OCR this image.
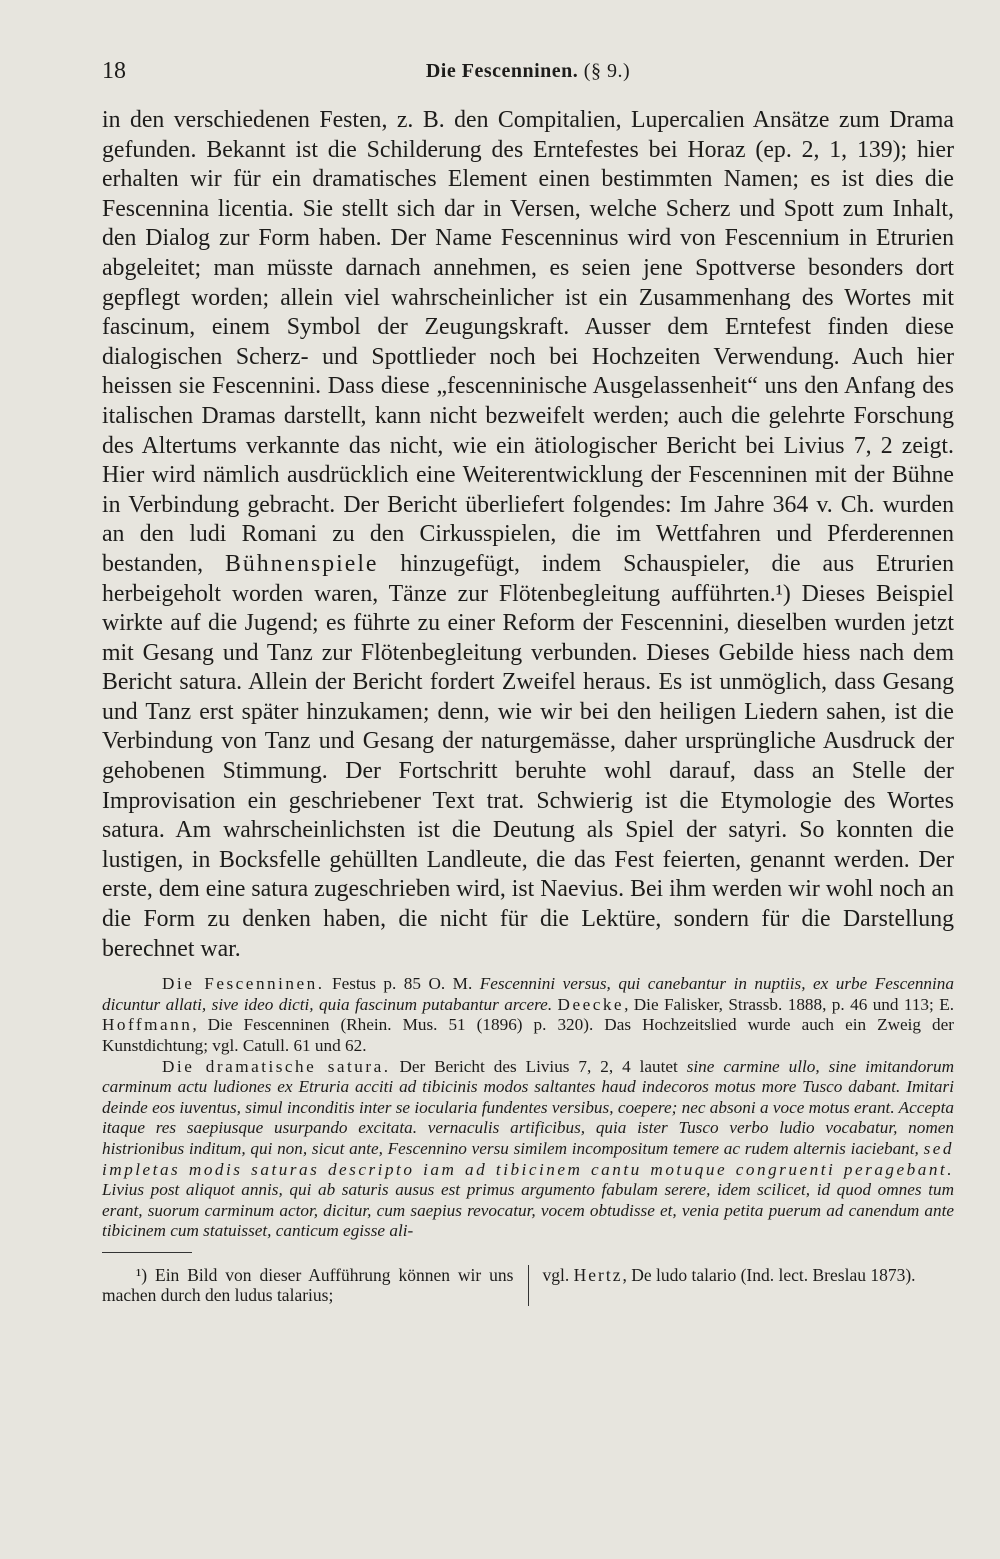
18	Die Fescenninen. (§ 9.)

in den verschiedenen Festen, z. B. den Compitalien, Lupercalien Ansätze zum Drama gefunden. Bekannt ist die Schilderung des Erntefestes bei Horaz (ep. 2, 1, 139); hier erhalten wir für ein dramatisches Element einen bestimmten Namen; es ist dies die Fescennina licentia. Sie stellt sich dar in Versen, welche Scherz und Spott zum Inhalt, den Dialog zur Form haben. Der Name Fescenninus wird von Fescennium in Etrurien abgeleitet; man müsste darnach annehmen, es seien jene Spottverse besonders dort gepflegt worden; allein viel wahrscheinlicher ist ein Zusammenhang des Wortes mit fascinum, einem Symbol der Zeugungskraft. Ausser dem Erntefest finden diese dialogischen Scherz- und Spottlieder noch bei Hochzeiten Verwendung. Auch hier heissen sie Fescennini. Dass diese „fescenninische Ausgelassenheit“ uns den Anfang des italischen Dramas darstellt, kann nicht bezweifelt werden; auch die gelehrte Forschung des Altertums verkannte das nicht, wie ein ätiologischer Bericht bei Livius 7, 2 zeigt. Hier wird nämlich ausdrücklich eine Weiterentwicklung der Fescenninen mit der Bühne in Verbindung gebracht. Der Bericht überliefert folgendes: Im Jahre 364 v. Ch. wurden an den ludi Romani zu den Cirkusspielen, die im Wettfahren und Pferderennen bestanden, Bühnenspiele hinzugefügt, indem Schauspieler, die aus Etrurien herbeigeholt worden waren, Tänze zur Flötenbegleitung aufführten.¹) Dieses Beispiel wirkte auf die Jugend; es führte zu einer Reform der Fescennini, dieselben wurden jetzt mit Gesang und Tanz zur Flötenbegleitung verbunden. Dieses Gebilde hiess nach dem Bericht satura. Allein der Bericht fordert Zweifel heraus. Es ist unmöglich, dass Gesang und Tanz erst später hinzukamen; denn, wie wir bei den heiligen Liedern sahen, ist die Verbindung von Tanz und Gesang der naturgemässe, daher ursprüngliche Ausdruck der gehobenen Stimmung. Der Fortschritt beruhte wohl darauf, dass an Stelle der Improvisation ein geschriebener Text trat. Schwierig ist die Etymologie des Wortes satura. Am wahrscheinlichsten ist die Deutung als Spiel der satyri. So konnten die lustigen, in Bocksfelle gehüllten Landleute, die das Fest feierten, genannt werden. Der erste, dem eine satura zugeschrieben wird, ist Naevius. Bei ihm werden wir wohl noch an die Form zu denken haben, die nicht für die Lektüre, sondern für die Darstellung berechnet war.

Die Fescenninen. Festus p. 85 O. M. Fescennini versus, qui canebantur in nuptiis, ex urbe Fescennina dicuntur allati, sive ideo dicti, quia fascinum putabantur arcere. Deecke, Die Falisker, Strassb. 1888, p. 46 und 113; E. Hoffmann, Die Fescenninen (Rhein. Mus. 51 (1896) p. 320). Das Hochzeitslied wurde auch ein Zweig der Kunstdichtung; vgl. Catull. 61 und 62.

Die dramatische satura. Der Bericht des Livius 7, 2, 4 lautet sine carmine ullo, sine imitandorum carminum actu ludiones ex Etruria acciti ad tibicinis modos saltantes haud indecoros motus more Tusco dabant. Imitari deinde eos iuventus, simul inconditis inter se iocularia fundentes versibus, coepere; nec absoni a voce motus erant. Accepta itaque res saepiusque usurpando excitata. vernaculis artificibus, quia ister Tusco verbo ludio vocabatur, nomen histrionibus inditum, qui non, sicut ante, Fescennino versu similem incompositum temere ac rudem alternis iaciebant, sed impletas modis saturas descripto iam ad tibicinem cantu motuque congruenti peragebant. Livius post aliquot annis, qui ab saturis ausus est primus argumento fabulam serere, idem scilicet, id quod omnes tum erant, suorum carminum actor, dicitur, cum saepius revocatur, vocem obtudisse et, venia petita puerum ad canendum ante tibicinem cum statuisset, canticum egisse ali-

¹) Ein Bild von dieser Aufführung können wir uns machen durch den ludus talarius;
vgl. Hertz, De ludo talario (Ind. lect. Breslau 1873).
